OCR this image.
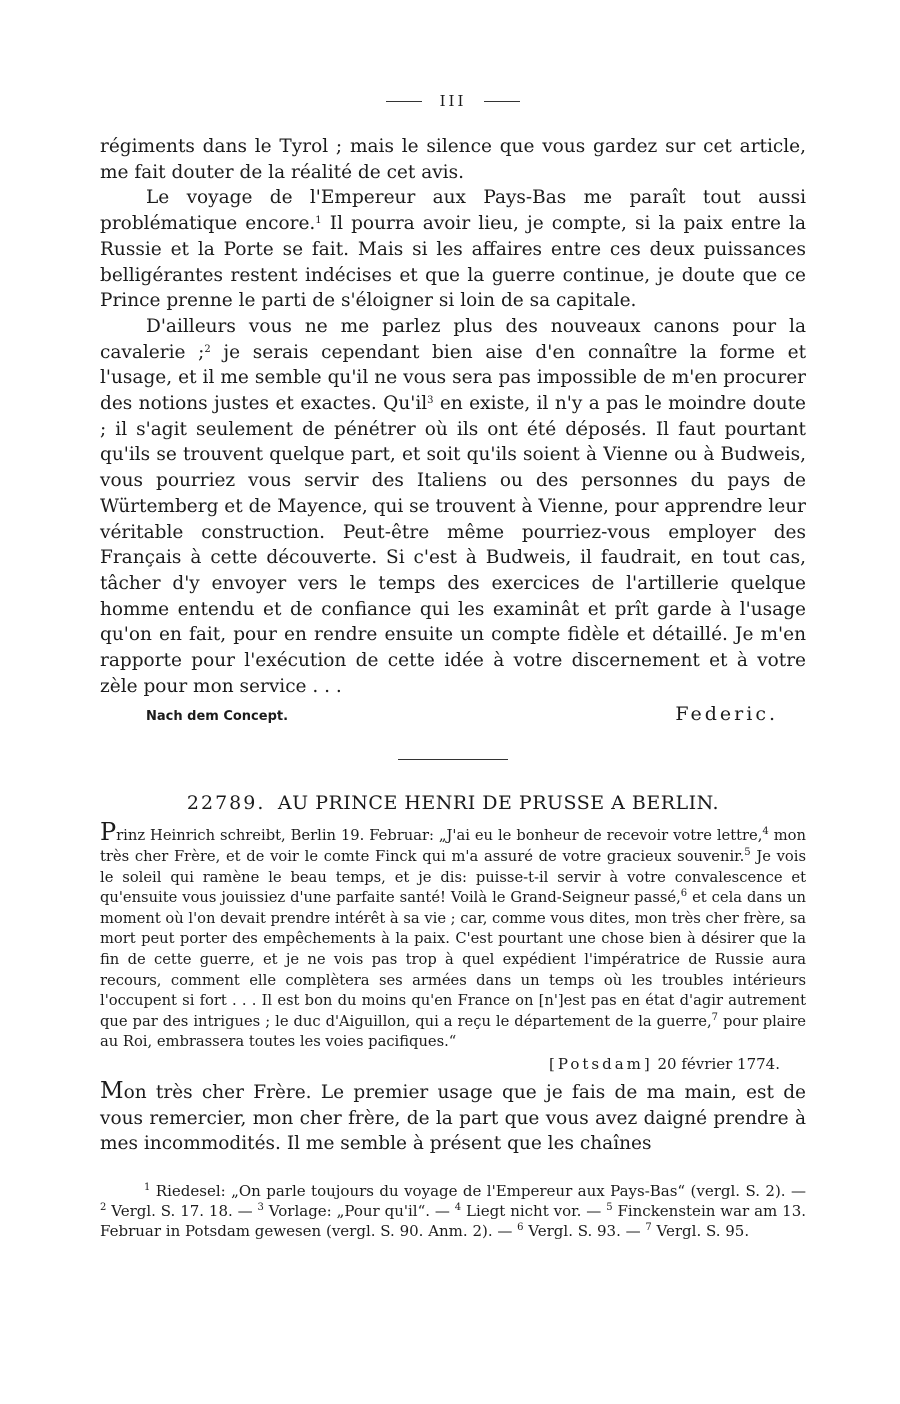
III

régiments dans le Tyrol ; mais le silence que vous gardez sur cet article, me fait douter de la réalité de cet avis.

Le voyage de l'Empereur aux Pays-Bas me paraît tout aussi problématique encore.$^1$ Il pourra avoir lieu, je compte, si la paix entre la Russie et la Porte se fait. Mais si les affaires entre ces deux puissances belligérantes restent indécises et que la guerre continue, je doute que ce Prince prenne le parti de s'éloigner si loin de sa capitale.

D'ailleurs vous ne me parlez plus des nouveaux canons pour la cavalerie ;$^2$ je serais cependant bien aise d'en connaître la forme et l'usage, et il me semble qu'il ne vous sera pas impossible de m'en procurer des notions justes et exactes. $Qu'il^3$ en existe, il n'y a pas le moindre doute ; il s'agit seulement de pénétrer où ils ont été déposés. Il faut pourtant qu'ils se trouvent quelque part, et soit qu'ils soient à Vienne ou à Budweis, vous pourriez vous servir des Italiens ou des personnes du pays de Würtemberg et de Mayence, qui se trouvent à Vienne, pour apprendre leur véritable construction. Peut-être même pourriez-vous employer des Français à cette découverte. Si c'est à Budweis, il faudrait, en tout cas, tâcher d'y envoyer vers le temps des exercices de l'artillerie quelque homme entendu et de confiance qui les examinât et prît garde à l'usage qu'on en fait, pour en rendre ensuite un compte fidèle et détaillé. Je m'en rapporte pour l'exécution de cette idée à votre discernement et à votre zèle pour mon service . . .

Nach dem Concept.	Federic.
22789. AU PRINCE HENRI DE PRUSSE A BERLIN.

Prinz Heinrich schreibt, Berlin 19. Februar: „J'ai eu le bonheur de recevoir votre lettre,$^4$ mon très cher Frère, et de voir le comte Finck qui m'a assuré de votre gracieux souvenir.$^5$ Je vois le soleil qui ramène le beau temps, et je dis: puisse-t-il servir à votre convalescence et qu'ensuite vous jouissiez d'une parfaite santé! Voilà le Grand-Seigneur passé,$^6$ et cela dans un moment où l'on devait prendre intérêt à sa vie ; car, comme vous dites, mon très cher frère, sa mort peut porter des empêchements à la paix. C'est pourtant une chose bien à désirer que la fin de cette guerre, et je ne vois pas trop à quel expédient l'impératrice de Russie aura recours, comment elle complètera ses armées dans un temps où les troubles intérieurs l'occupent si fort . . . Il est bon du moins qu'en France on [n']est pas en état d'agir autrement que par des intrigues ; le duc d'Aiguillon, qui a reçu le département de la guerre,$^7$ pour plaire au Roi, embrassera toutes les voies pacifiques.“

[Potsdam] 20 février 1774.

Mon très cher Frère. Le premier usage que je fais de ma main, est de vous remercier, mon cher frère, de la part que vous avez daigné prendre à mes incommodités. Il me semble à présent que les chaînes

$^1$ Riedesel: „On parle toujours du voyage de l'Empereur aux Pays-Bas“ (vergl. S. 2). — $^2$ Vergl. S. 17. 18. — $^3$ Vorlage: „Pour qu'il“. — $^4$ Liegt nicht vor. — $^5$ Finckenstein war am 13. Februar in Potsdam gewesen (vergl. S. 90. Anm. 2). — $^6$ Vergl. S. 93. — $^7$ Vergl. S. 95.
